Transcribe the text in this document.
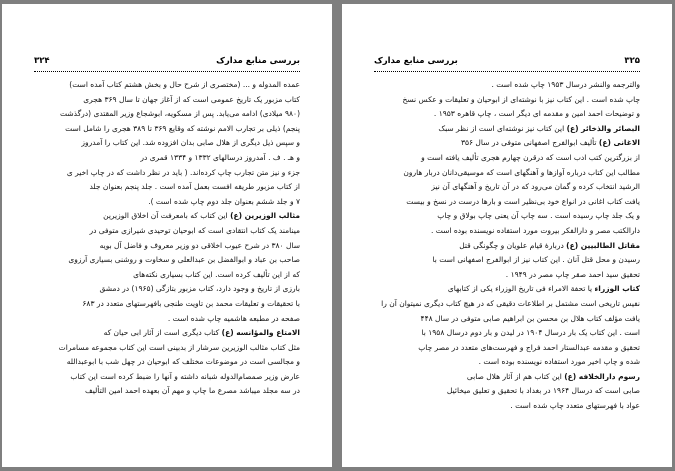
بررسی منابع مدارک
۳۲۴
عمده المدوله و ... (مختصری از شرح حال و بخش هشتم کتاب آمده است)
کتاب مزبور یک تاریخ عمومی است که از آغاز جهان تا سال ۳۶۹ هجری
(۹۸۰ میلادی) ادامه می‌یابد. پس از مسکویه، ابوشجاع وزیر المقتدی (درگذشت
پنجم) ذیلی بر تجارب الامم نوشته که وقایع ۳۶۹ تا ۳۸۹ هجری را شامل است
و سپس ذیل دیگری از هلال صابی بدان افزوده شد. این کتاب را آمدروز
و هـ . ف . آمدروز درسالهای ۱۳۳۲ و ۱۳۳۴ قمری در
جزء و نیز متن تجارب چاپ کرده‌اند. ( باید در نظر داشت که در چاپ اخیر ی
از کتاب مزبور طریقه افست بعمل آمده است . جلد پنجم بعنوان جلد
۷ و جلد ششم بعنوان جلد دوم چاپ شده است ).
مثالب الوزیرین (ع) این کتاب که بامعرفت آن اخلاق الوزیرین
مینامند یک کتاب انتقادی است که ابوحیان توحیدی شیرازی متوفی در
سال ۳۸۰ در شرح عیوب اخلاقی دو وزیر معروف و فاضل آل بویه
صاحب بن عباد و ابوالفضل بن عبدالعلی و سخاوت و روشنی بسیاری آرزوی
که از این تألیف کرده است. این کتاب بسیاری نکته‌های
بارزی از تاریخ و وجود دارد، کتاب مزبور بتازگی (۱۹۶۵) در دمشق
با تحقیقات و تعلیقات محمد بن تاویت طنجی بافهرستهای متعدد در ۶۸۳
صفحه در مطبعه هاشمیه چاپ شده است .
الامتاع والمؤانسه (ع) کتاب دیگری است از آثار ابی حیان که
مثل کتاب مثالب الوزیرین سرشار از بدبینی است این کتاب مجموعه مسامرات
و مجالسی است در موضوعات مختلف که ابوحیان در چهل شب با ابوعبدالله
عارض وزیر صمصام‌الدوله شبانه داشته و آنها را ضبط کرده است این کتاب
در سه مجلد میباشد مصرع ما چاپ و مهم آن بعهده احمد امین التألیف
۳۲۵
بررسی منابع مدارک
والترجمه والنشر درسال ۱۹۵۳ چاپ شده است .
چاپ شده است . این کتاب نیز با نوشته‌ای از ابوحیان و تعلیقات و عکس نسخ
و توضیحات احمد امین و مقدمه ای دیگر است ، چاپ قاهره ۱۹۵۳ .
البصائر والذخائر (ع) این کتاب نیز نوشته‌ای است از نظر سبک
الاغانی (ع) تألیف ابوالفرج اصفهانی متوفی در سال ۳۵۶
از بزرگترین کتب ادب است که درقرن چهارم هجری تألیف یافته است و
مطالب این کتاب درباره آوازها و آهنگهای است که موسیقی‌دانان دربار هارون‌
الرشید انتخاب کرده و گمان می‌رود که در آن تاریخ و آهنگهای آن نیز
یافت کتاب اغانی در انواع خود بی‌نظیر است و بارها درست در نسخ و بیست
و یک جلد چاپ رسیده است . سه چاپ آن یعنی چاپ بولاق و چاپ
دارالکتب مصر و دارالفکر بیروت مورد استفاده نویسنده بوده است .
مقاتل الطالبیین (ع) دربارهٔ قیام علویان و چگونگی قتل
رسیدن و محل قتل آنان . این کتاب نیز از ابوالفرج اصفهانی است با
تحقیق سید احمد صقر چاپ مصر در ۱۹۴۹ .
کتاب الوزراء یا تحفة الامراء فی تاریخ الوزراء یکی از کتابهای
نفیس تاریخی است مشتمل بر اطلاعات دقیقی که در هیچ کتاب دیگری نمیتوان آن را
یافت مؤلف کتاب هلال بن محسن بن ابراهیم صابی متوفی در سال ۴۴۸
است . این کتاب یک بار درسال ۱۹۰۴ در لیدن و بار دوم درسال ۱۹۵۸ با
تحقیق و مقدمه عبدالستار احمد فراج و فهرست‌های متعدد در مصر چاپ
شده و چاپ اخیر مورد استفاده نویسنده بوده است .
رسوم دارالخلافه (ع) این کتاب هم از آثار هلال صابی
صابی است که درسال ۱۹۶۴ در بغداد با تحقیق و تعلیق میخائیل
عواد با فهرستهای متعدد چاپ شده است .
